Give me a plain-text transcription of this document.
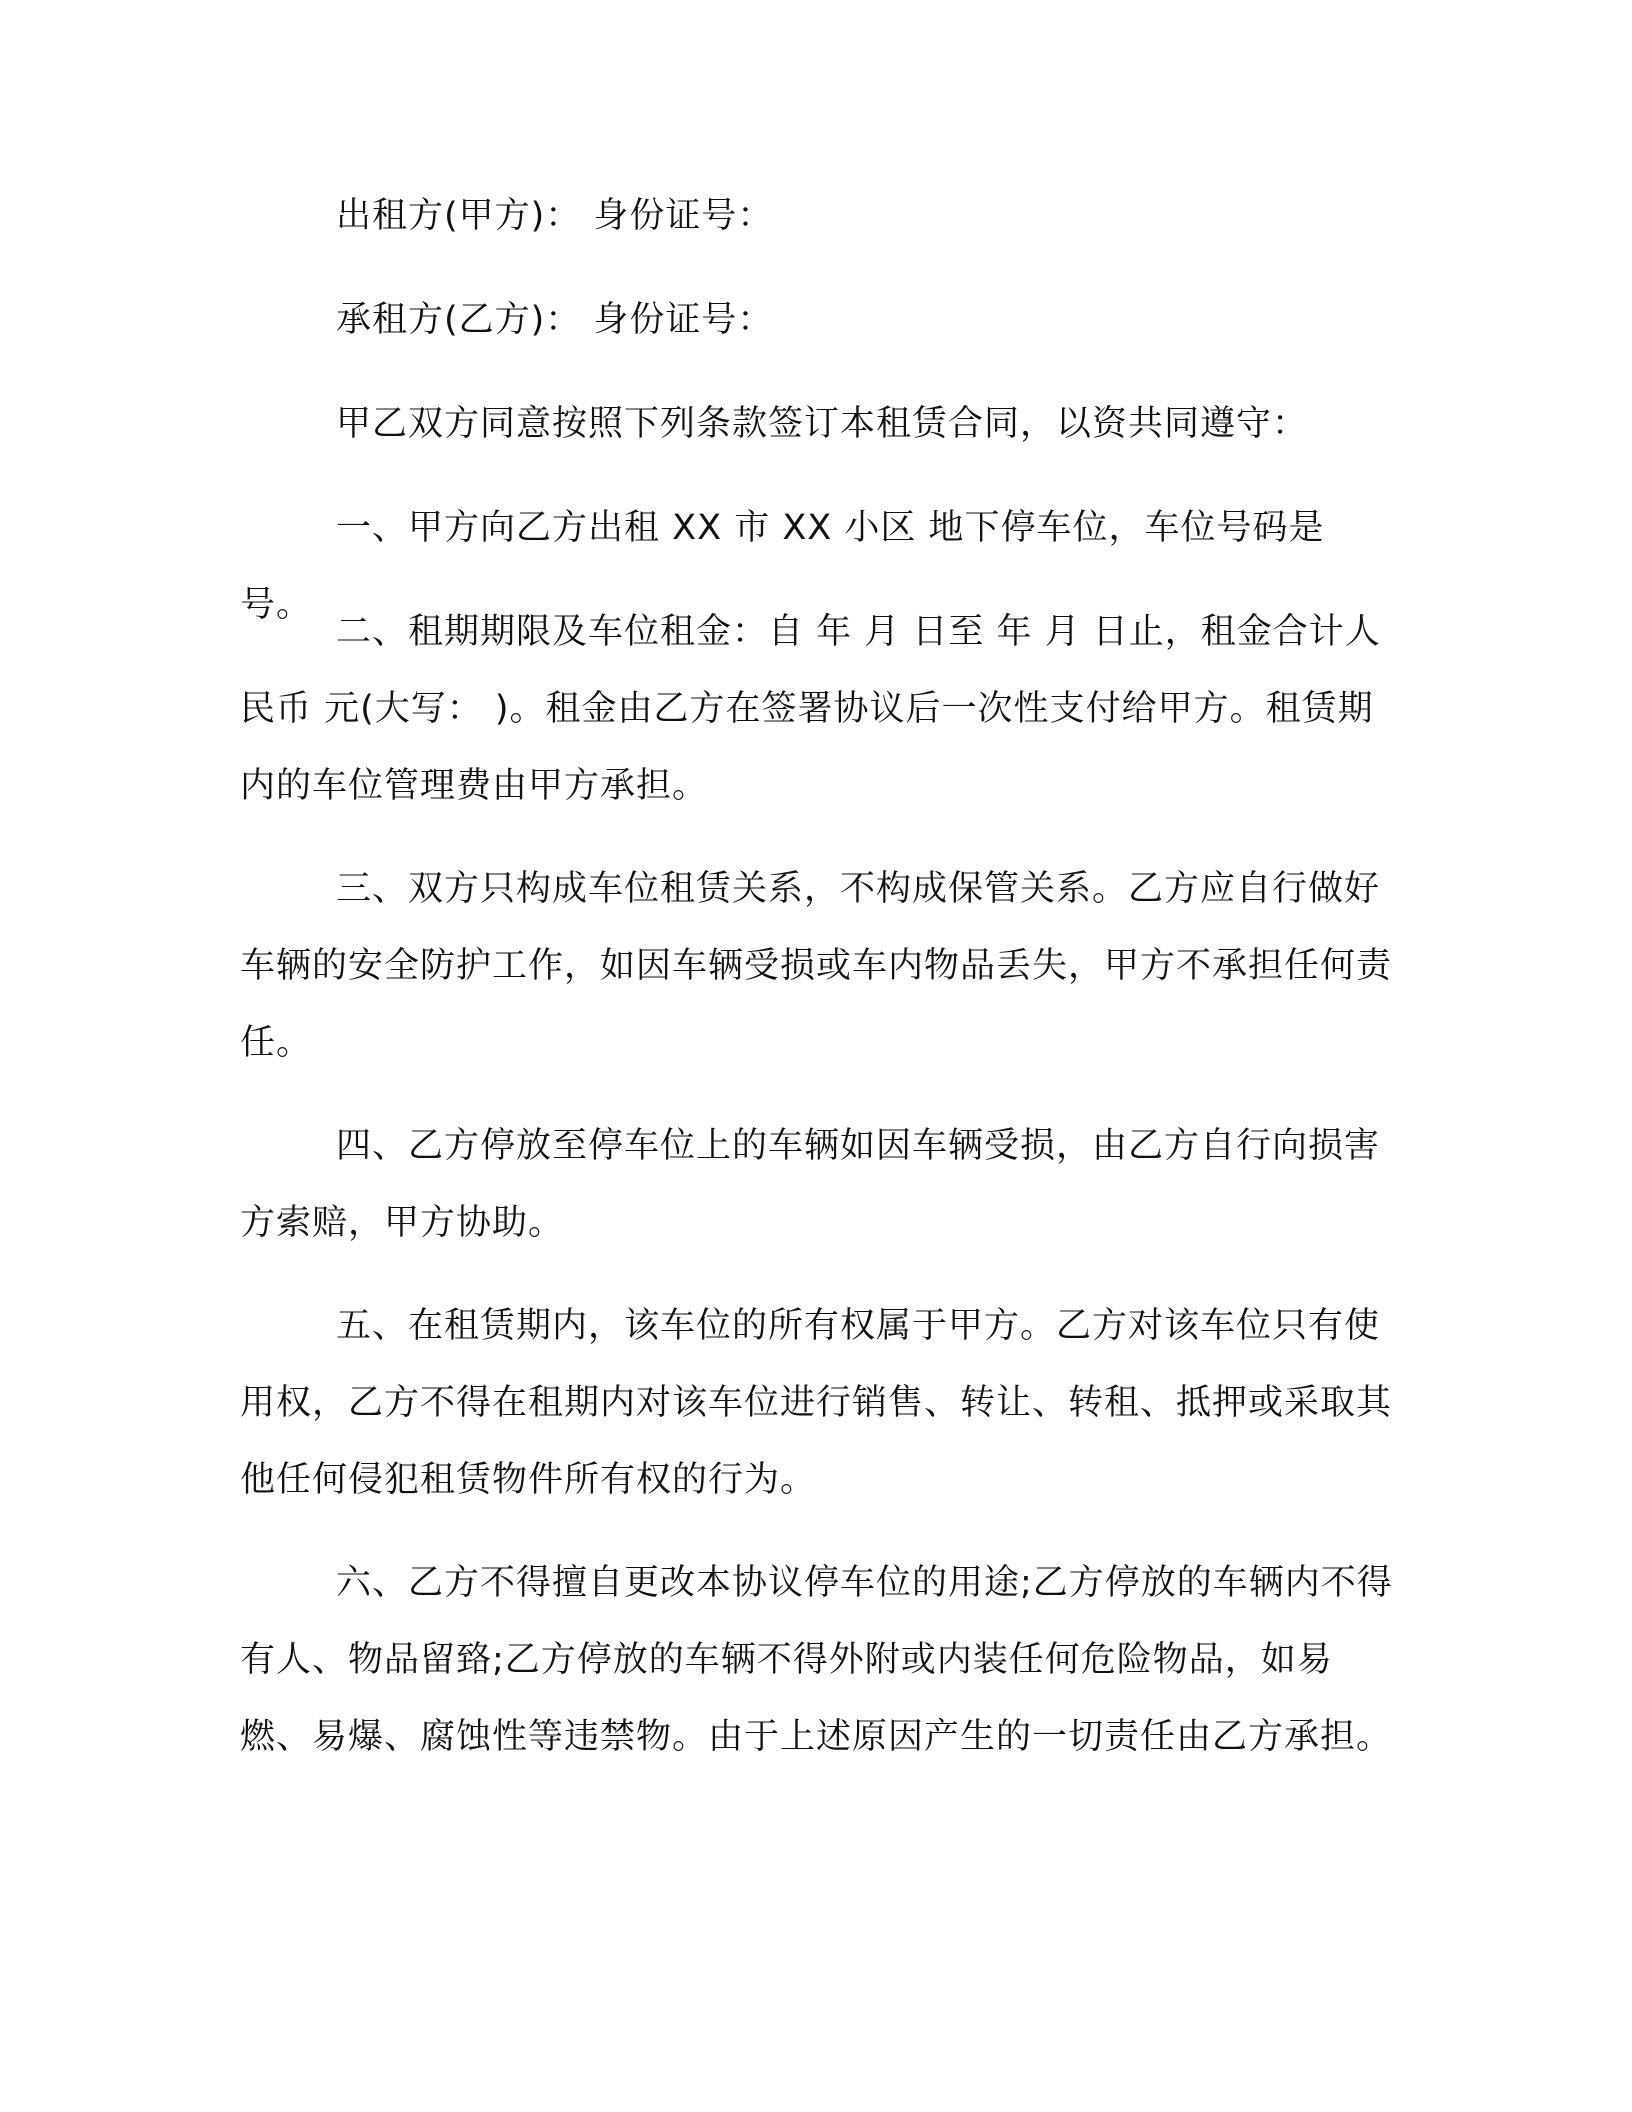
出租方(甲方)： 身份证号：

承租方(乙方)： 身份证号：

甲乙双方同意按照下列条款签订本租赁合同，以资共同遵守：

一、甲方向乙方出租 XX 市 XX 小区 地下停车位，车位号码是 号。

二、租期期限及车位租金：自 年 月 日至 年 月 日止，租金合计人民币 元(大写： )。租金由乙方在签署协议后一次性支付给甲方。租赁期内的车位管理费由甲方承担。

三、双方只构成车位租赁关系，不构成保管关系。乙方应自行做好车辆的安全防护工作，如因车辆受损或车内物品丢失，甲方不承担任何责任。

四、乙方停放至停车位上的车辆如因车辆受损，由乙方自行向损害方索赔，甲方协助。

五、在租赁期内，该车位的所有权属于甲方。乙方对该车位只有使用权，乙方不得在租期内对该车位进行销售、转让、转租、抵押或采取其他任何侵犯租赁物件所有权的行为。

六、乙方不得擅自更改本协议停车位的用途;乙方停放的车辆内不得有人、物品留臵;乙方停放的车辆不得外附或内装任何危险物品，如易燃、易爆、腐蚀性等违禁物。由于上述原因产生的一切责任由乙方承担。
